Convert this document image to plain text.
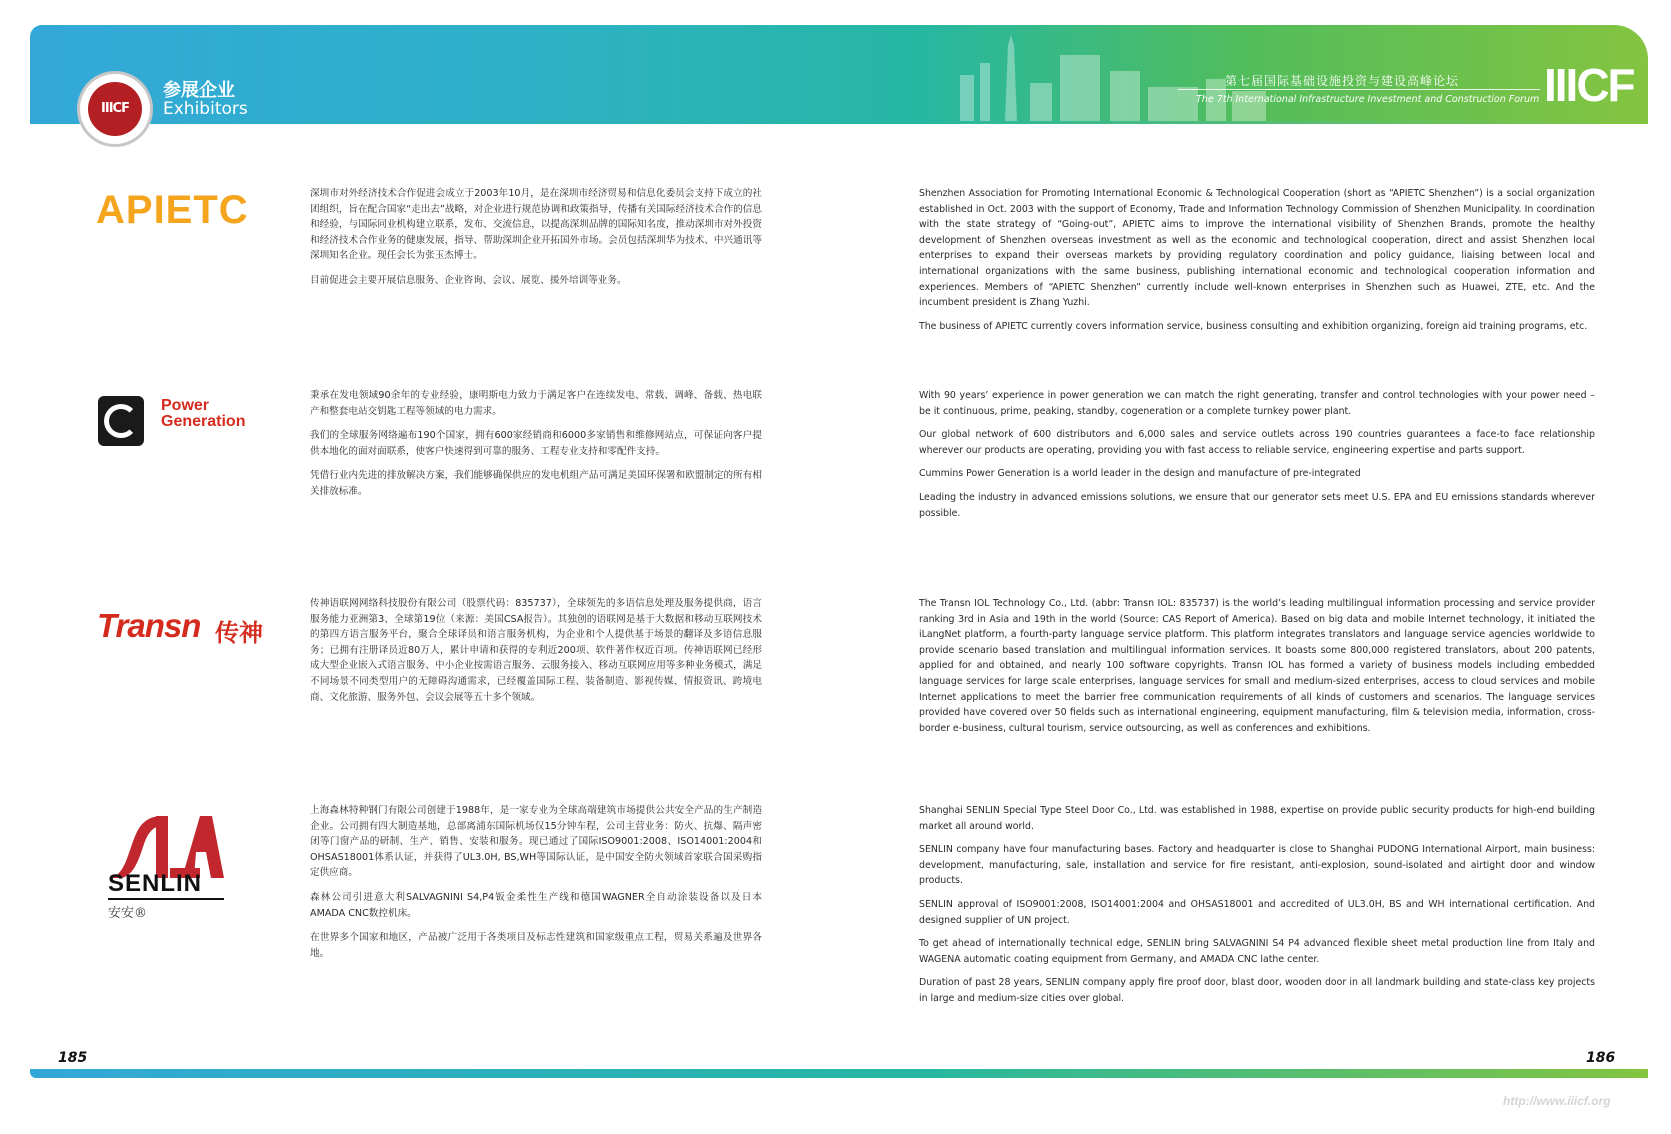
IIICF
参展企业
Exhibitors
第七届国际基础设施投资与建设高峰论坛
The 7th International Infrastructure Investment and Construction Forum IIICF
APIETC	深圳市对外经济技术合作促进会成立于2003年10月，是在深圳市经济贸易和信息化委员会支持下成立的社团组织，旨在配合国家“走出去”战略，对企业进行规范协调和政策指导，传播有关国际经济技术合作的信息和经验，与国际同业机构建立联系，发布、交流信息，以提高深圳品牌的国际知名度，推动深圳市对外投资和经济技术合作业务的健康发展，指导、帮助深圳企业开拓国外市场。会员包括深圳华为技术、中兴通讯等深圳知名企业。现任会长为张玉杰博士。

目前促进会主要开展信息服务、企业咨询、会议、展览、援外培训等业务。

Shenzhen Association for Promoting International Economic & Technological Cooperation (short as “APIETC Shenzhen”) is a social organization established in Oct. 2003 with the support of Economy, Trade and Information Technology Commission of Shenzhen Municipality. In coordination with the state strategy of “Going-out”, APIETC aims to improve the international visibility of Shenzhen Brands, promote the healthy development of Shenzhen overseas investment as well as the economic and technological cooperation, direct and assist Shenzhen local enterprises to expand their overseas markets by providing regulatory coordination and policy guidance, liaising between local and international organizations with the same business, publishing international economic and technological cooperation information and experiences. Members of “APIETC Shenzhen” currently include well-known enterprises in Shenzhen such as Huawei, ZTE, etc. And the incumbent president is Zhang Yuzhi.

The business of APIETC currently covers information service, business consulting and exhibition organizing, foreign aid training programs, etc.

Power
Generation

秉承在发电领域90余年的专业经验，康明斯电力致力于满足客户在连续发电、常载、调峰、备载、热电联产和整套电站交钥匙工程等领域的电力需求。

我们的全球服务网络遍布190个国家，拥有600家经销商和6000多家销售和维修网站点，可保证向客户提供本地化的面对面联系，使客户快速得到可靠的服务、工程专业支持和零配件支持。

凭借行业内先进的排放解决方案，我们能够确保供应的发电机组产品可满足美国环保署和欧盟制定的所有相关排放标准。

With 90 years’ experience in power generation we can match the right generating, transfer and control technologies with your power need – be it continuous, prime, peaking, standby, cogeneration or a complete turnkey power plant.

Our global network of 600 distributors and 6,000 sales and service outlets across 190 countries guarantees a face-to face relationship wherever our products are operating, providing you with fast access to reliable service, engineering expertise and parts support.

Cummins Power Generation is a world leader in the design and manufacture of pre-integrated

Leading the industry in advanced emissions solutions, we ensure that our generator sets meet U.S. EPA and EU emissions standards wherever possible.

Transn 传神

传神语联网网络科技股份有限公司（股票代码：835737），全球领先的多语信息处理及服务提供商，语言服务能力亚洲第3、全球第19位（来源：美国CSA报告）。其独创的语联网是基于大数据和移动互联网技术的第四方语言服务平台，聚合全球译员和语言服务机构，为企业和个人提供基于场景的翻译及多语信息服务；已拥有注册译员近80万人，累计申请和获得的专利近200项、软件著作权近百项。传神语联网已经形成大型企业嵌入式语言服务、中小企业按需语言服务、云服务接入、移动互联网应用等多种业务模式，满足不同场景不同类型用户的无障碍沟通需求，已经覆盖国际工程、装备制造、影视传媒、情报资讯、跨境电商、文化旅游、服务外包、会议会展等五十多个领域。

The Transn IOL Technology Co., Ltd. (abbr: Transn IOL: 835737) is the world’s leading multilingual information processing and service provider ranking 3rd in Asia and 19th in the world (Source: CAS Report of America). Based on big data and mobile Internet technology, it initiated the iLangNet platform, a fourth-party language service platform. This platform integrates translators and language service agencies worldwide to provide scenario based translation and multilingual information services. It boasts some 800,000 registered translators, about 200 patents, applied for and obtained, and nearly 100 software copyrights. Transn IOL has formed a variety of business models including embedded language services for large scale enterprises, language services for small and medium-sized enterprises, access to cloud services and mobile Internet applications to meet the barrier free communication requirements of all kinds of customers and scenarios. The language services provided have covered over 50 fields such as international engineering, equipment manufacturing, film & television media, information, cross-border e-business, cultural tourism, service outsourcing, as well as conferences and exhibitions.

SENLIN
安安®

上海森林特种钢门有限公司创建于1988年，是一家专业为全球高端建筑市场提供公共安全产品的生产制造企业。公司拥有四大制造基地，总部离浦东国际机场仅15分钟车程，公司主营业务：防火、抗爆、隔声密闭等门窗产品的研制、生产、销售、安装和服务。现已通过了国际ISO9001:2008、ISO14001:2004和OHSAS18001体系认证，并获得了UL3.0H, BS,WH等国际认证，是中国安全防火领域首家联合国采购指定供应商。

森林公司引进意大利SALVAGNINI S4,P4钣金柔性生产线和德国WAGNER全自动涂装设备以及日本AMADA CNC数控机床。

在世界多个国家和地区，产品被广泛用于各类项目及标志性建筑和国家级重点工程，贸易关系遍及世界各地。

Shanghai SENLIN Special Type Steel Door Co., Ltd. was established in 1988, expertise on provide public security products for high-end building market all around world.

SENLIN company have four manufacturing bases. Factory and headquarter is close to Shanghai PUDONG International Airport, main business: development, manufacturing, sale, installation and service for fire resistant, anti-explosion, sound-isolated and airtight door and window products.

SENLIN approval of ISO9001:2008, ISO14001:2004 and OHSAS18001 and accredited of UL3.0H, BS and WH international certification. And designed supplier of UN project.

To get ahead of internationally technical edge, SENLIN bring SALVAGNINI S4 P4 advanced flexible sheet metal production line from Italy and WAGENA automatic coating equipment from Germany, and AMADA CNC lathe center.

Duration of past 28 years, SENLIN company apply fire proof door, blast door, wooden door in all landmark building and state-class key projects in large and medium-size cities over global.

185	186
http://www.iiicf.org
